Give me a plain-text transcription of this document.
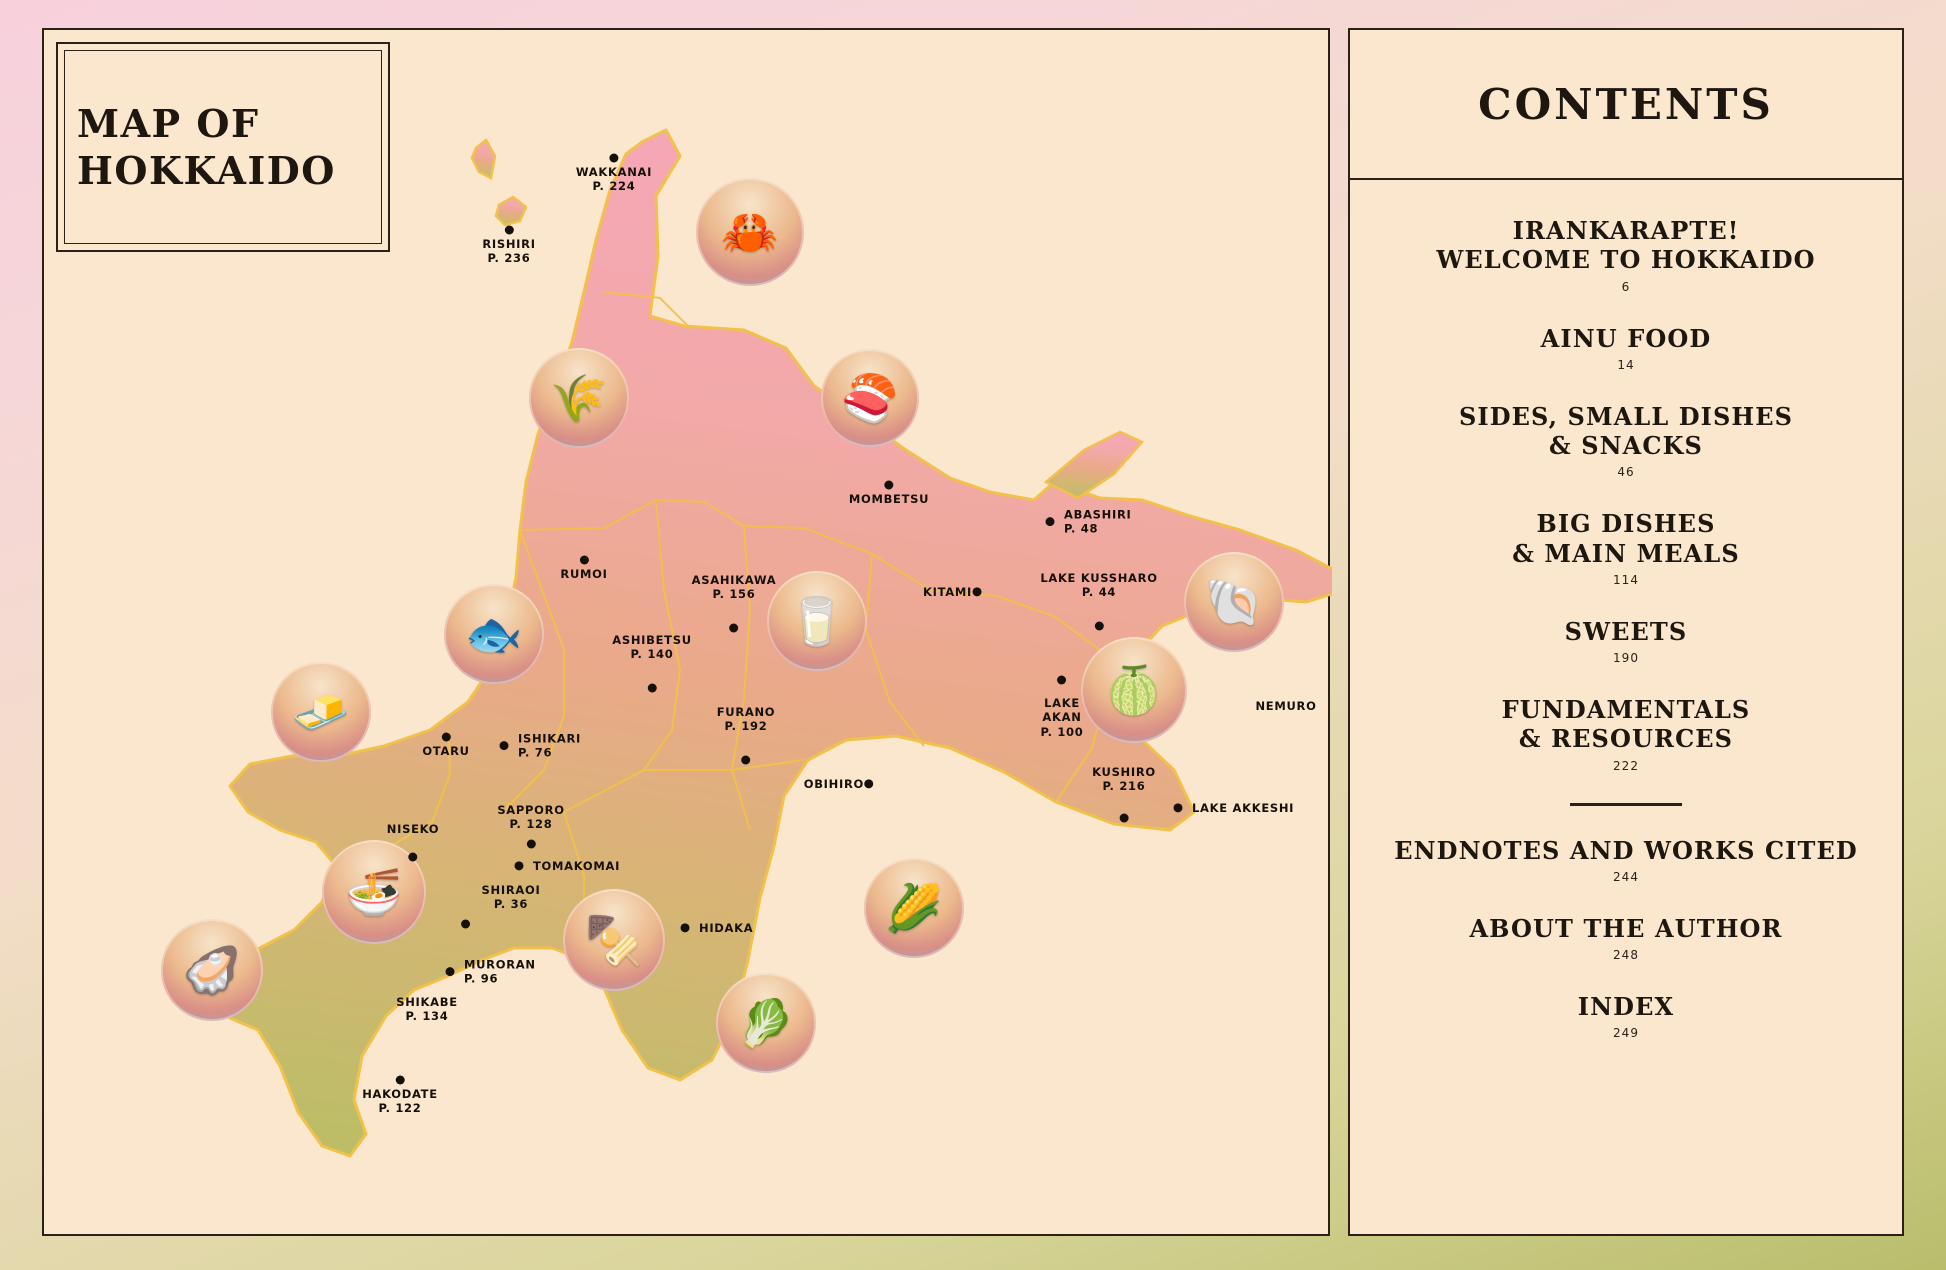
🦀
🌾	🍣
🐟	🥛	🐚
🧈	🍈
🍜	🌽
🦪
🍢
🥬
WAKKANAI
P. 224
RISHIRI
P. 236
MOMBETSU
ABASHIRI
P. 48
RUMOI	ASAHIKAWA
P. 156	KITAMI
LAKE KUSSHARO
P. 44
ASHIBETSU
P. 140
FURANO
P. 192
LAKE
AKAN
P. 100
NEMURO
OTARU
ISHIKARI
P. 76
KUSHIRO
P. 216
OBIHIRO
LAKE AKKESHI
SAPPORO
P. 128
NISEKO
TOMAKOMAI
SHIRAOI
P. 36
HIDAKA
MURORAN
P. 96
SHIKABE
P. 134
HAKODATE
P. 122
MAP OF
HOKKAIDO
CONTENTS
IRANKARAPTE!
WELCOME TO HOKKAIDO
6
AINU FOOD
14
SIDES, SMALL DISHES
& SNACKS
46
BIG DISHES
& MAIN MEALS
114
SWEETS
190
FUNDAMENTALS
& RESOURCES
222
ENDNOTES AND WORKS CITED
244
ABOUT THE AUTHOR
248
INDEX
249
